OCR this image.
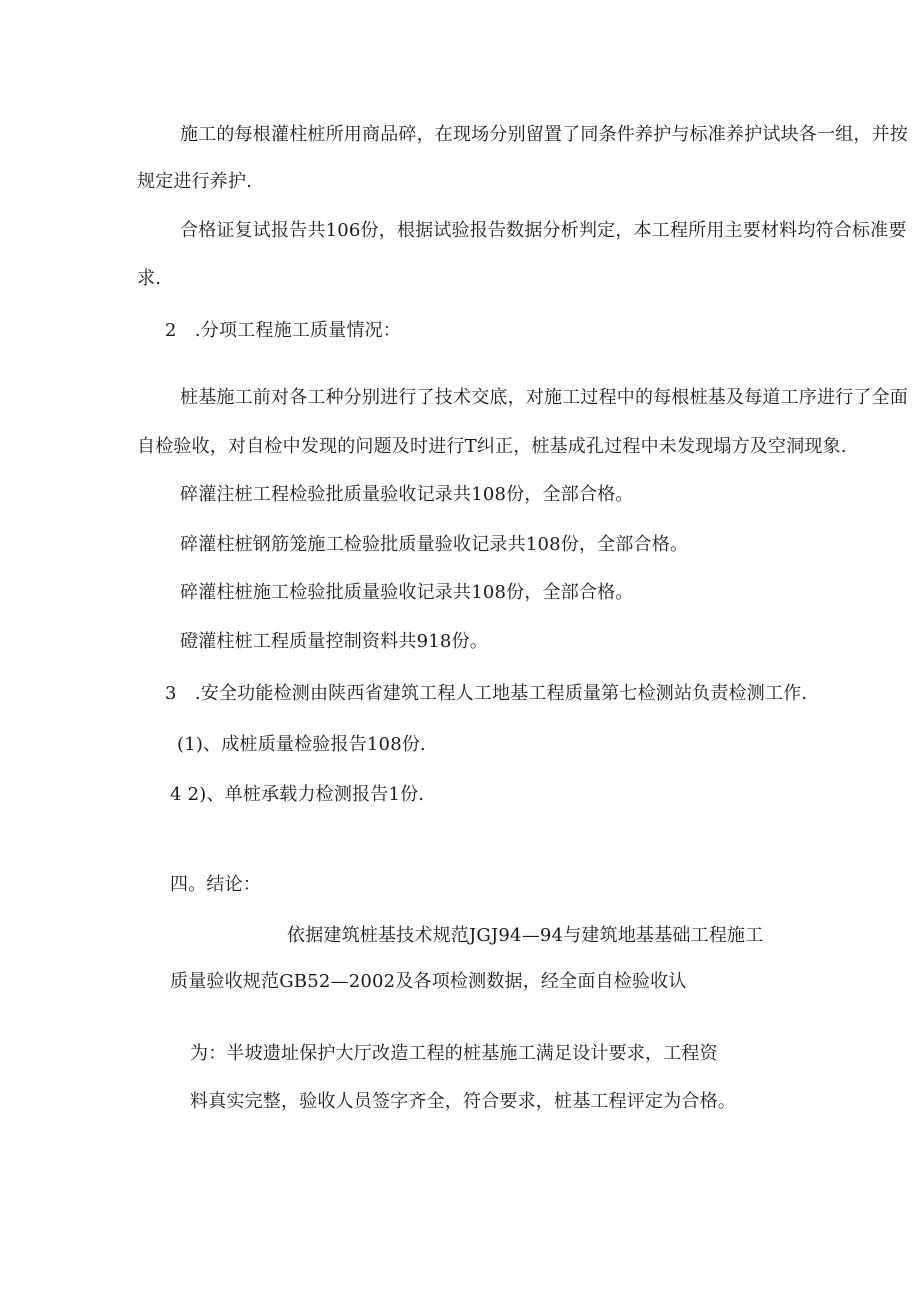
施工的每根灌柱桩所用商品碎，在现场分别留置了同条件养护与标准养护试块各一组，并按
规定进行养护.
合格证复试报告共106份，根据试验报告数据分析判定，本工程所用主要材料均符合标准要
求.
2　.分项工程施工质量情况：
桩基施工前对各工种分别进行了技术交底，对施工过程中的每根桩基及每道工序进行了全面
自检验收，对自检中发现的问题及时进行T纠正，桩基成孔过程中未发现塌方及空洞现象.
碎灌注桩工程检验批质量验收记录共108份，全部合格。
碎灌柱桩钢筋笼施工检验批质量验收记录共108份，全部合格。
碎灌柱桩施工检验批质量验收记录共108份，全部合格。
磴灌柱桩工程质量控制资料共918份。
3　.安全功能检测由陕西省建筑工程人工地基工程质量第七检测站负责检测工作.
(1)、成桩质量检验报告108份.
4 2)、单桩承载力检测报告1份.
四。结论：
依据建筑桩基技术规范JGJ94—94与建筑地基基础工程施工
质量验收规范GB52—2002及各项检测数据，经全面自检验收认
为：半坡遗址保护大厅改造工程的桩基施工满足设计要求，工程资
料真实完整，验收人员签字齐全，符合要求，桩基工程评定为合格。
